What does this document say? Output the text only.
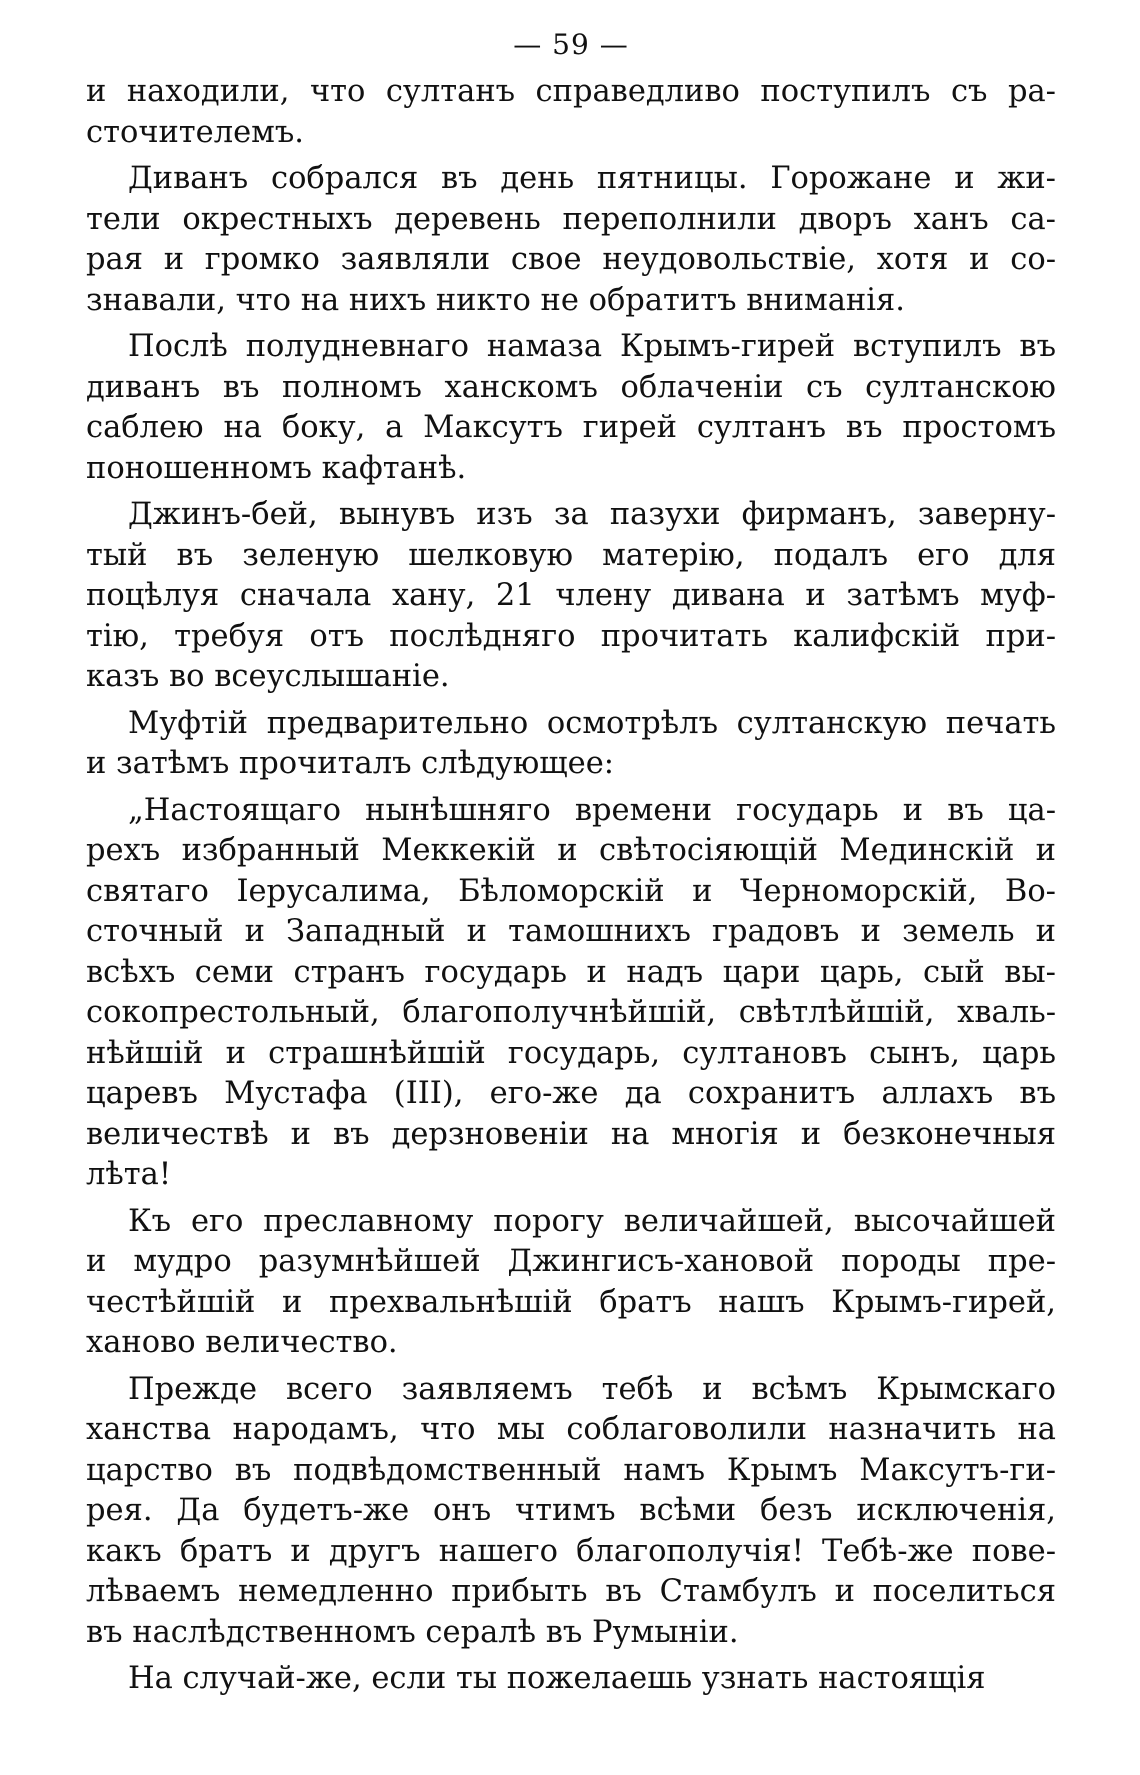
— 59 —
и находили, что султанъ справедливо поступилъ съ ра-
сточителемъ.
Диванъ собрался въ день пятницы. Горожане и жи-
тели окрестныхъ деревень переполнили дворъ ханъ са-
рая и громко заявляли свое неудовольствіе, хотя и со-
знавали, что на нихъ никто не обратитъ вниманія.
Послѣ полудневнаго намаза Крымъ-гирей вступилъ въ
диванъ въ полномъ ханскомъ облаченіи съ султанскою
саблею на боку, а Максутъ гирей султанъ въ простомъ
поношенномъ кафтанѣ.
Джинъ-бей, вынувъ изъ за пазухи фирманъ, заверну-
тый въ зеленую шелковую матерію, подалъ его для
поцѣлуя сначала хану, 21 члену дивана и затѣмъ муф-
тію, требуя отъ послѣдняго прочитать калифскій при-
казъ во всеуслышаніе.
Муфтій предварительно осмотрѣлъ султанскую печать
и затѣмъ прочиталъ слѣдующее:
„Настоящаго нынѣшняго времени государь и въ ца-
рехъ избранный Меккекій и свѣтосіяющій Мединскій и
святаго Іерусалима, Бѣломорскій и Черноморскій, Во-
сточный и Западный и тамошнихъ градовъ и земель и
всѣхъ семи странъ государь и надъ цари царь, сый вы-
сокопрестольный, благополучнѣйшій, свѣтлѣйшій, хваль-
нѣйшій и страшнѣйшій государь, султановъ сынъ, царь
царевъ Мустафа (III), его-же да сохранитъ аллахъ въ
величествѣ и въ дерзновеніи на многія и безконечныя
лѣта!
Къ его преславному порогу величайшей, высочайшей
и мудро разумнѣйшей Джингисъ-хановой породы пре-
честѣйшій и прехвальнѣшій братъ нашъ Крымъ-гирей,
ханово величество.
Прежде всего заявляемъ тебѣ и всѣмъ Крымскаго
ханства народамъ, что мы соблаговолили назначить на
царство въ подвѣдомственный намъ Крымъ Максутъ-ги-
рея. Да будетъ-же онъ чтимъ всѣми безъ исключенія,
какъ братъ и другъ нашего благополучія! Тебѣ-же пове-
лѣваемъ немедленно прибыть въ Стамбулъ и поселиться
въ наслѣдственномъ сералѣ въ Румыніи.
На случай-же, если ты пожелаешь узнать настоящія
